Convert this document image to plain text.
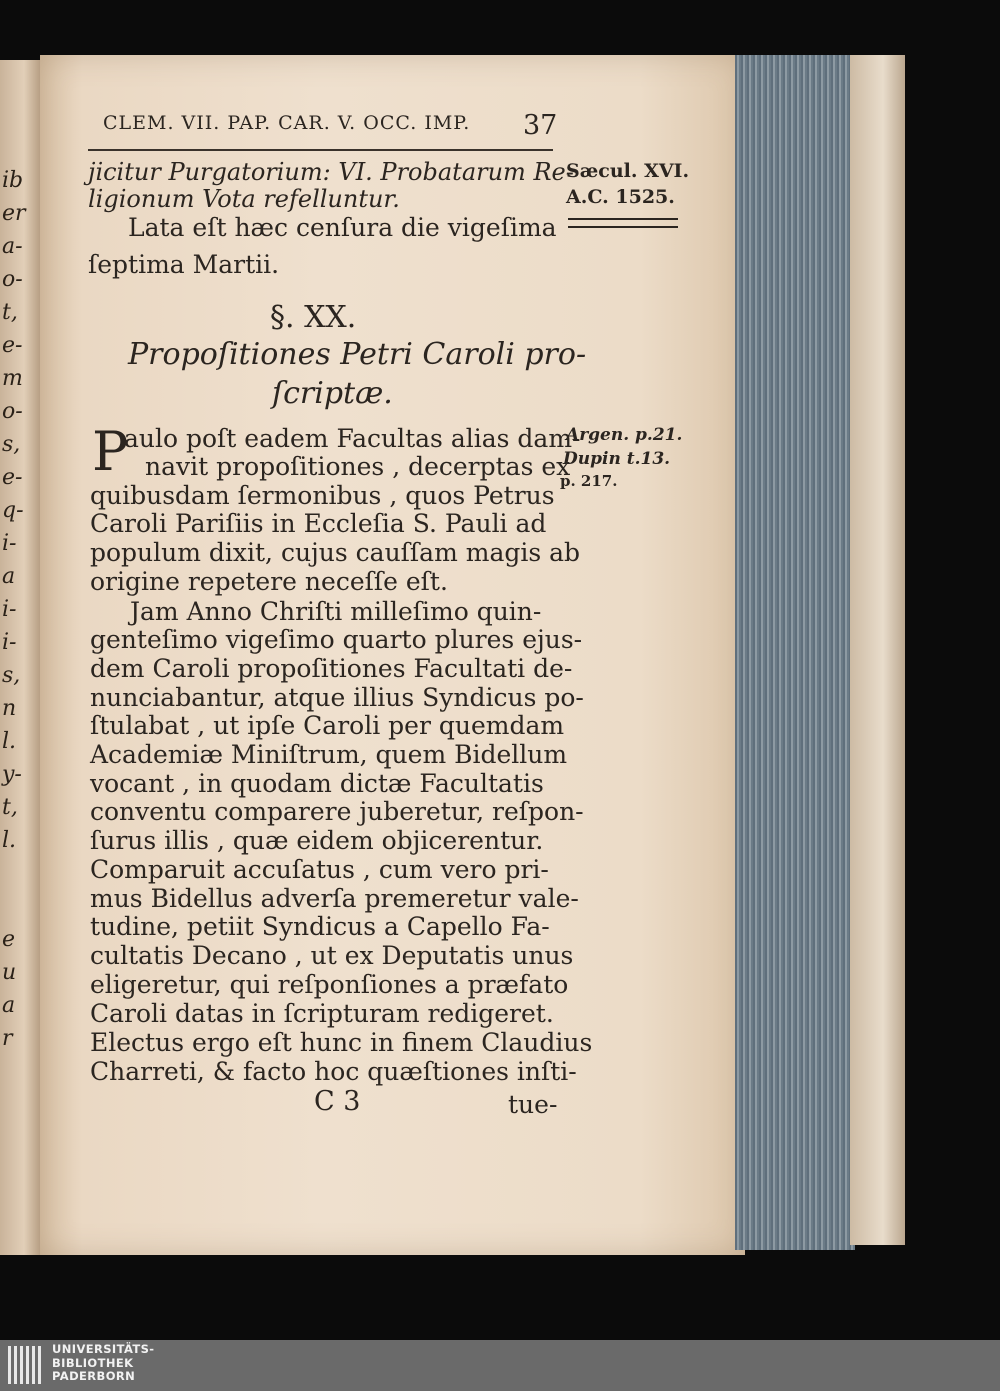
ib
er
a-
o-
t,
e-
m
o-
s,
e-
q-
i-
a
i-
i-
s,
n
l.
y-
t,
l.
e
u
a
r
CLEM. VII. PAP. CAR. V. OCC. IMP. 37
Sæcul. XVI.
A.C. 1525.
Argen. p.21.
Dupin t.13.
p. 217.
jicitur Purgatorium: VI. Probatarum Re-
ligionum Vota refelluntur.
Lata eſt hæc cenſura die vigeſima
ſeptima Martii.
§. XX.
Propoſitiones Petri Caroli pro-
ſcriptæ.
P
aulo poſt eadem Facultas alias dam-
navit propoſitiones , decerptas ex
quibusdam ſermonibus , quos Petrus
Caroli Pariſiis in Eccleſia S. Pauli ad
populum dixit, cujus cauſſam magis ab
origine repetere neceſſe eſt.
Jam Anno Chriſti milleſimo quin-
genteſimo vigeſimo quarto plures ejus-
dem Caroli propoſitiones Facultati de-
nunciabantur, atque illius Syndicus po-
ſtulabat , ut ipſe Caroli per quemdam
Academiæ Miniſtrum, quem Bidellum
vocant , in quodam dictæ Facultatis
conventu comparere juberetur, reſpon-
ſurus illis , quæ eidem objicerentur.
Comparuit accuſatus , cum vero pri-
mus Bidellus adverſa premeretur vale-
tudine, petiit Syndicus a Capello Fa-
cultatis Decano , ut ex Deputatis unus
eligeretur, qui reſponſiones a præfato
Caroli datas in ſcripturam redigeret.
Electus ergo eſt hunc in finem Claudius
Charreti, & facto hoc quæſtiones inſti-
C 3	tue-
UNIVERSITÄTS-
BIBLIOTHEK
PADERBORN
